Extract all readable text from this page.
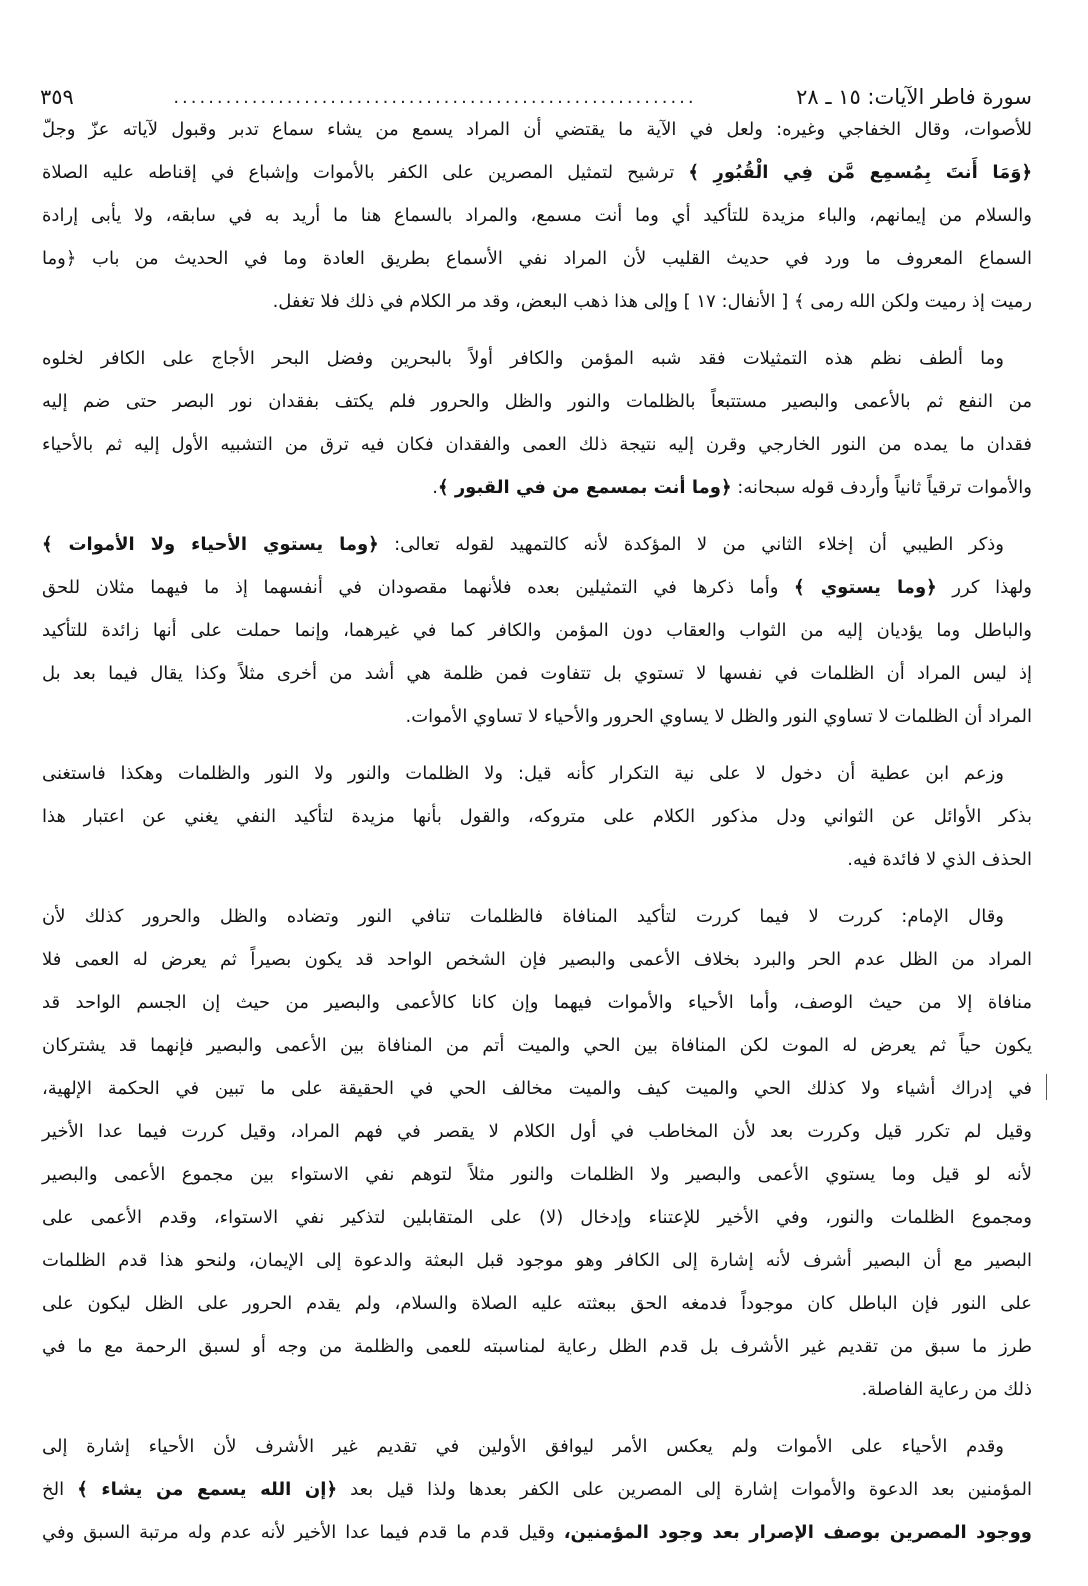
سورة فاطر الآيات: ١٥ ـ ٢٨
............................................................
٣٥٩
للأصوات، وقال الخفاجي وغيره: ولعل في الآية ما يقتضي أن المراد يسمع من يشاء سماع تدبر وقبول لآياته عزّ وجلّ
﴿وَمَا أَنتَ بِمُسمِع مَّن فِي الْقُبُورِ ﴾ ترشيح لتمثيل المصرين على الكفر بالأموات وإشباع في إقناطه عليه الصلاة
والسلام من إيمانهم، والباء مزيدة للتأكيد أي وما أنت مسمع، والمراد بالسماع هنا ما أريد به في سابقه، ولا يأبى إرادة
السماع المعروف ما ورد في حديث القليب لأن المراد نفي الأسماع بطريق العادة وما في الحديث من باب ﴿وما
رميت إذ رميت ولكن الله رمى ﴾ [ الأنفال: ١٧ ] وإلى هذا ذهب البعض، وقد مر الكلام في ذلك فلا تغفل.
وما ألطف نظم هذه التمثيلات فقد شبه المؤمن والكافر أولاً بالبحرين وفضل البحر الأجاج على الكافر لخلوه
من النفع ثم بالأعمى والبصير مستتبعاً بالظلمات والنور والظل والحرور فلم يكتف بفقدان نور البصر حتى ضم إليه
فقدان ما يمده من النور الخارجي وقرن إليه نتيجة ذلك العمى والفقدان فكان فيه ترق من التشبيه الأول إليه ثم بالأحياء
والأموات ترقياً ثانياً وأردف قوله سبحانه: ﴿وما أنت بمسمع من في القبور ﴾.
وذكر الطيبي أن إخلاء الثاني من لا المؤكدة لأنه كالتمهيد لقوله تعالى: ﴿وما يستوي الأحياء ولا الأموات ﴾
ولهذا كرر ﴿وما يستوي ﴾ وأما ذكرها في التمثيلين بعده فلأنهما مقصودان في أنفسهما إذ ما فيهما مثلان للحق
والباطل وما يؤديان إليه من الثواب والعقاب دون المؤمن والكافر كما في غيرهما، وإنما حملت على أنها زائدة للتأكيد
إذ ليس المراد أن الظلمات في نفسها لا تستوي بل تتفاوت فمن ظلمة هي أشد من أخرى مثلاً وكذا يقال فيما بعد بل
المراد أن الظلمات لا تساوي النور والظل لا يساوي الحرور والأحياء لا تساوي الأموات.
وزعم ابن عطية أن دخول لا على نية التكرار كأنه قيل: ولا الظلمات والنور ولا النور والظلمات وهكذا فاستغنى
بذكر الأوائل عن الثواني ودل مذكور الكلام على متروكه، والقول بأنها مزيدة لتأكيد النفي يغني عن اعتبار هذا
الحذف الذي لا فائدة فيه.
وقال الإمام: كررت لا فيما كررت لتأكيد المنافاة فالظلمات تنافي النور وتضاده والظل والحرور كذلك لأن
المراد من الظل عدم الحر والبرد بخلاف الأعمى والبصير فإن الشخص الواحد قد يكون بصيراً ثم يعرض له العمى فلا
منافاة إلا من حيث الوصف، وأما الأحياء والأموات فيهما وإن كانا كالأعمى والبصير من حيث إن الجسم الواحد قد
يكون حياً ثم يعرض له الموت لكن المنافاة بين الحي والميت أتم من المنافاة بين الأعمى والبصير فإنهما قد يشتركان
في إدراك أشياء ولا كذلك الحي والميت كيف والميت مخالف الحي في الحقيقة على ما تبين في الحكمة الإلهية،
وقيل لم تكرر قيل وكررت بعد لأن المخاطب في أول الكلام لا يقصر في فهم المراد، وقيل كررت فيما عدا الأخير
لأنه لو قيل وما يستوي الأعمى والبصير ولا الظلمات والنور مثلاً لتوهم نفي الاستواء بين مجموع الأعمى والبصير
ومجموع الظلمات والنور، وفي الأخير للإعتناء وإدخال (لا) على المتقابلين لتذكير نفي الاستواء، وقدم الأعمى على
البصير مع أن البصير أشرف لأنه إشارة إلى الكافر وهو موجود قبل البعثة والدعوة إلى الإيمان، ولنحو هذا قدم الظلمات
على النور فإن الباطل كان موجوداً فدمغه الحق ببعثته عليه الصلاة والسلام، ولم يقدم الحرور على الظل ليكون على
طرز ما سبق من تقديم غير الأشرف بل قدم الظل رعاية لمناسبته للعمى والظلمة من وجه أو لسبق الرحمة مع ما في
ذلك من رعاية الفاصلة.
وقدم الأحياء على الأموات ولم يعكس الأمر ليوافق الأولين في تقديم غير الأشرف لأن الأحياء إشارة إلى
المؤمنين بعد الدعوة والأموات إشارة إلى المصرين على الكفر بعدها ولذا قيل بعد ﴿إن الله يسمع من يشاء ﴾ الخ
ووجود المصرين بوصف الإصرار بعد وجود المؤمنين، وقيل قدم ما قدم فيما عدا الأخير لأنه عدم وله مرتبة السبق وفي
